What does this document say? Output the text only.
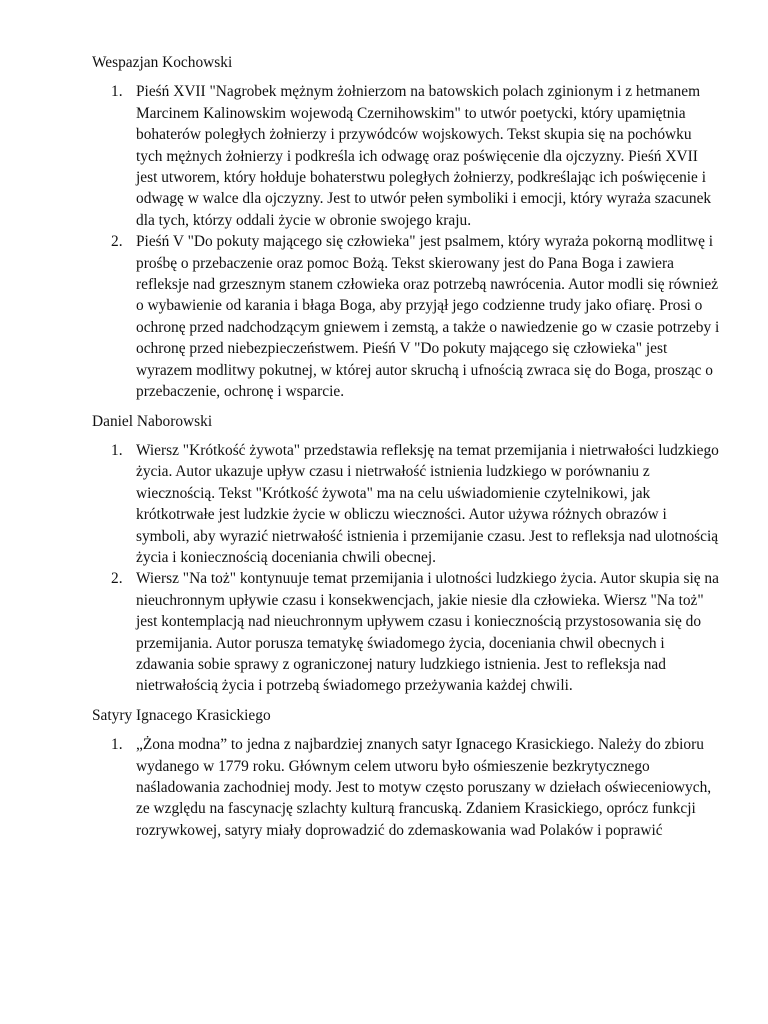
Wespazjan Kochowski

1. Pieśń XVII "Nagrobek mężnym żołnierzom na batowskich polach zginionym i z hetmanem Marcinem Kalinowskim wojewodą Czernihowskim" to utwór poetycki, który upamiętnia bohaterów poległych żołnierzy i przywódców wojskowych. Tekst skupia się na pochówku tych mężnych żołnierzy i podkreśla ich odwagę oraz poświęcenie dla ojczyzny. Pieśń XVII jest utworem, który hołduje bohaterstwu poległych żołnierzy, podkreślając ich poświęcenie i odwagę w walce dla ojczyzny. Jest to utwór pełen symboliki i emocji, który wyraża szacunek dla tych, którzy oddali życie w obronie swojego kraju.
2. Pieśń V "Do pokuty mającego się człowieka" jest psalmem, który wyraża pokorną modlitwę i prośbę o przebaczenie oraz pomoc Bożą. Tekst skierowany jest do Pana Boga i zawiera refleksje nad grzesznym stanem człowieka oraz potrzebą nawrócenia. Autor modli się również o wybawienie od karania i błaga Boga, aby przyjął jego codzienne trudy jako ofiarę. Prosi o ochronę przed nadchodzącym gniewem i zemstą, a także o nawiedzenie go w czasie potrzeby i ochronę przed niebezpieczeństwem. Pieśń V "Do pokuty mającego się człowieka" jest wyrazem modlitwy pokutnej, w której autor skruchą i ufnością zwraca się do Boga, prosząc o przebaczenie, ochronę i wsparcie.

Daniel Naborowski

1. Wiersz "Krótkość żywota" przedstawia refleksję na temat przemijania i nietrwałości ludzkiego życia. Autor ukazuje upływ czasu i nietrwałość istnienia ludzkiego w porównaniu z wiecznością. Tekst "Krótkość żywota" ma na celu uświadomienie czytelnikowi, jak krótkotrwałe jest ludzkie życie w obliczu wieczności. Autor używa różnych obrazów i symboli, aby wyrazić nietrwałość istnienia i przemijanie czasu. Jest to refleksja nad ulotnością życia i koniecznością doceniania chwili obecnej.
2. Wiersz "Na toż" kontynuuje temat przemijania i ulotności ludzkiego życia. Autor skupia się na nieuchronnym upływie czasu i konsekwencjach, jakie niesie dla człowieka. Wiersz "Na toż" jest kontemplacją nad nieuchronnym upływem czasu i koniecznością przystosowania się do przemijania. Autor porusza tematykę świadomego życia, doceniania chwil obecnych i zdawania sobie sprawy z ograniczonej natury ludzkiego istnienia. Jest to refleksja nad nietrwałością życia i potrzebą świadomego przeżywania każdej chwili.

Satyry Ignacego Krasickiego

1. „Żona modna” to jedna z najbardziej znanych satyr Ignacego Krasickiego. Należy do zbioru wydanego w 1779 roku. Głównym celem utworu było ośmieszenie bezkrytycznego naśladowania zachodniej mody. Jest to motyw często poruszany w dziełach oświeceniowych, ze względu na fascynację szlachty kulturą francuską. Zdaniem Krasickiego, oprócz funkcji rozrywkowej, satyry miały doprowadzić do zdemaskowania wad Polaków i poprawić
